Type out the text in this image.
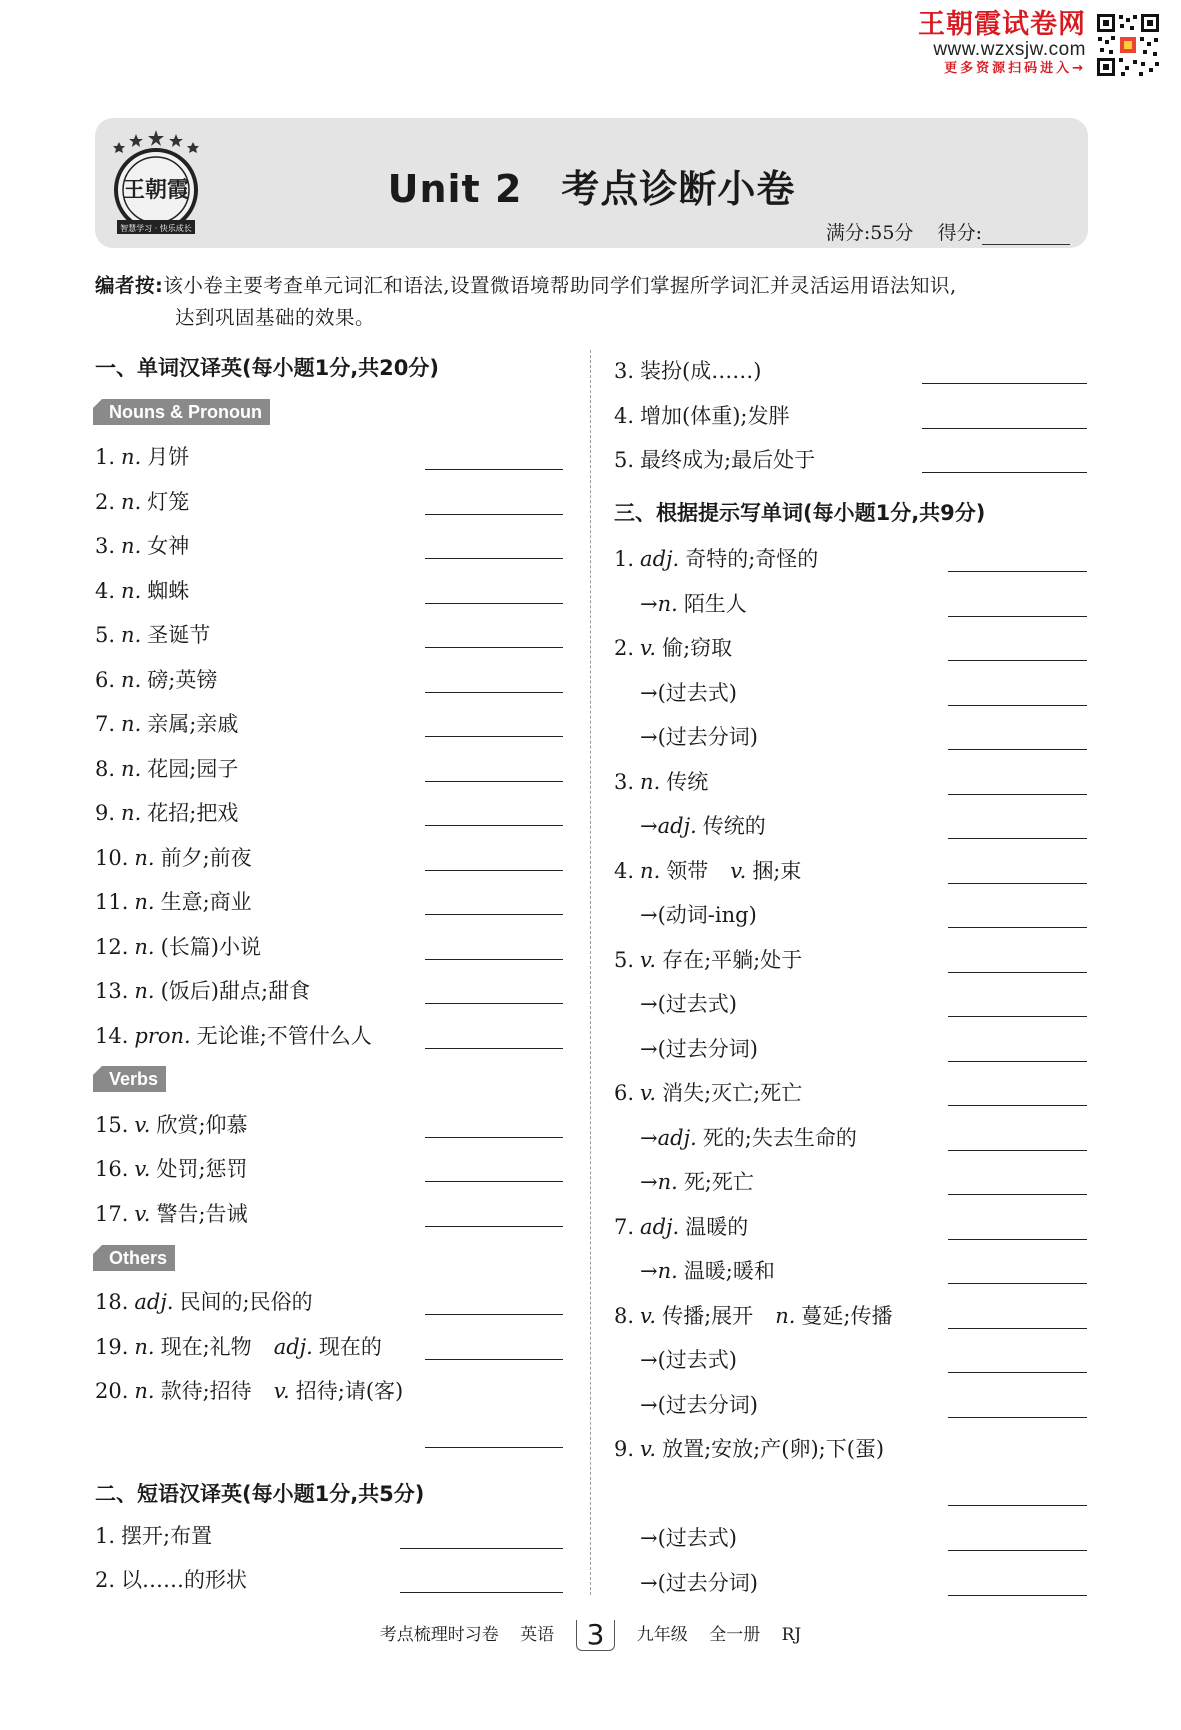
王朝霞试卷网
www.wzxsjw.com
更多资源扫码进入→
王朝霞
智慧学习 · 快乐成长
Unit 2　考点诊断小卷
满分:55分 得分:
编者按:该小卷主要考查单元词汇和语法,设置微语境帮助同学们掌握所学词汇并灵活运用语法知识,
达到巩固基础的效果。
一、单词汉译英(每小题1分,共20分)
二、短语汉译英(每小题1分,共5分)
三、根据提示写单词(每小题1分,共9分)
Nouns & Pronoun
Verbs
Others
1. n. 月饼
2. n. 灯笼
3. n. 女神
4. n. 蜘蛛
5. n. 圣诞节
6. n. 磅;英镑
7. n. 亲属;亲戚
8. n. 花园;园子
9. n. 花招;把戏
10. n. 前夕;前夜
11. n. 生意;商业
12. n. (长篇)小说
13. n. (饭后)甜点;甜食
14. pron. 无论谁;不管什么人
15. v. 欣赏;仰慕
16. v. 处罚;惩罚
17. v. 警告;告诫
18. adj. 民间的;民俗的
19. n. 现在;礼物 adj. 现在的
20. n. 款待;招待 v. 招待;请(客)
1. 摆开;布置
2. 以……的形状
3. 装扮(成……)
4. 增加(体重);发胖
5. 最终成为;最后处于
1. adj. 奇特的;奇怪的
→n. 陌生人
2. v. 偷;窃取
→(过去式)
→(过去分词)
3. n. 传统
→adj. 传统的
4. n. 领带 v. 捆;束
→(动词-ing)
5. v. 存在;平躺;处于
→(过去式)
→(过去分词)
6. v. 消失;灭亡;死亡
→adj. 死的;失去生命的
→n. 死;死亡
7. adj. 温暖的
→n. 温暖;暖和
8. v. 传播;展开 n. 蔓延;传播
→(过去式)
→(过去分词)
9. v. 放置;安放;产(卵);下(蛋)
→(过去式)
→(过去分词)
考点梳理时习卷 英语 3 九年级 全一册 RJ
